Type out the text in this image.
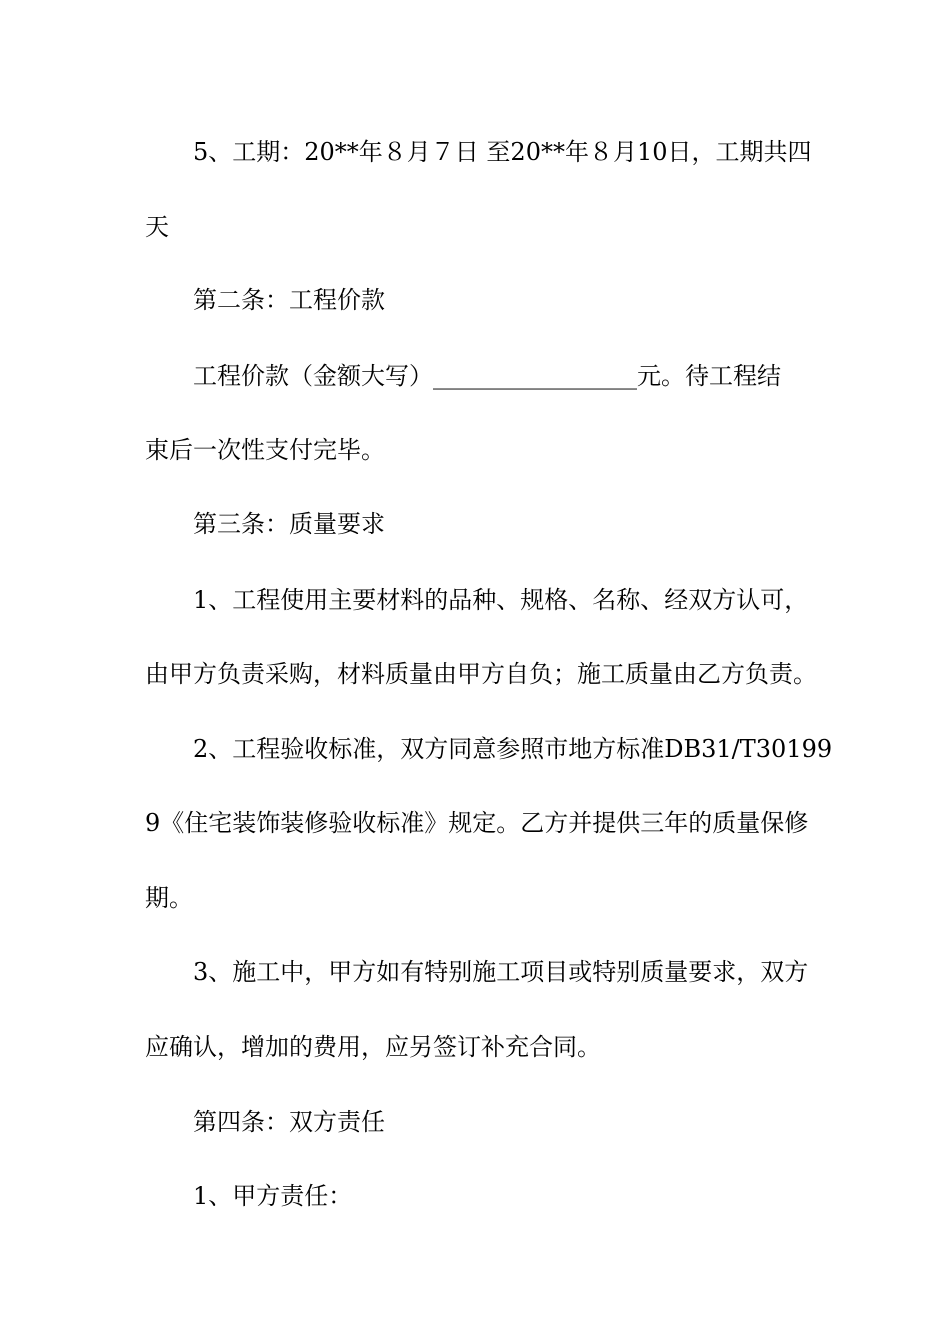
5、工期：20**年８月７日 至20**年８月10日，工期共四

天

第二条：工程价款

工程价款（金额大写）_________________元。待工程结

束后一次性支付完毕。

第三条：质量要求

1、工程使用主要材料的品种、规格、名称、经双方认可，

由甲方负责采购，材料质量由甲方自负；施工质量由乙方负责。

2、工程验收标准，双方同意参照市地方标准DB31/T30199

9《住宅装饰装修验收标准》规定。乙方并提供三年的质量保修

期。

3、施工中，甲方如有特别施工项目或特别质量要求，双方

应确认，增加的费用，应另签订补充合同。

第四条：双方责任

1、甲方责任：
